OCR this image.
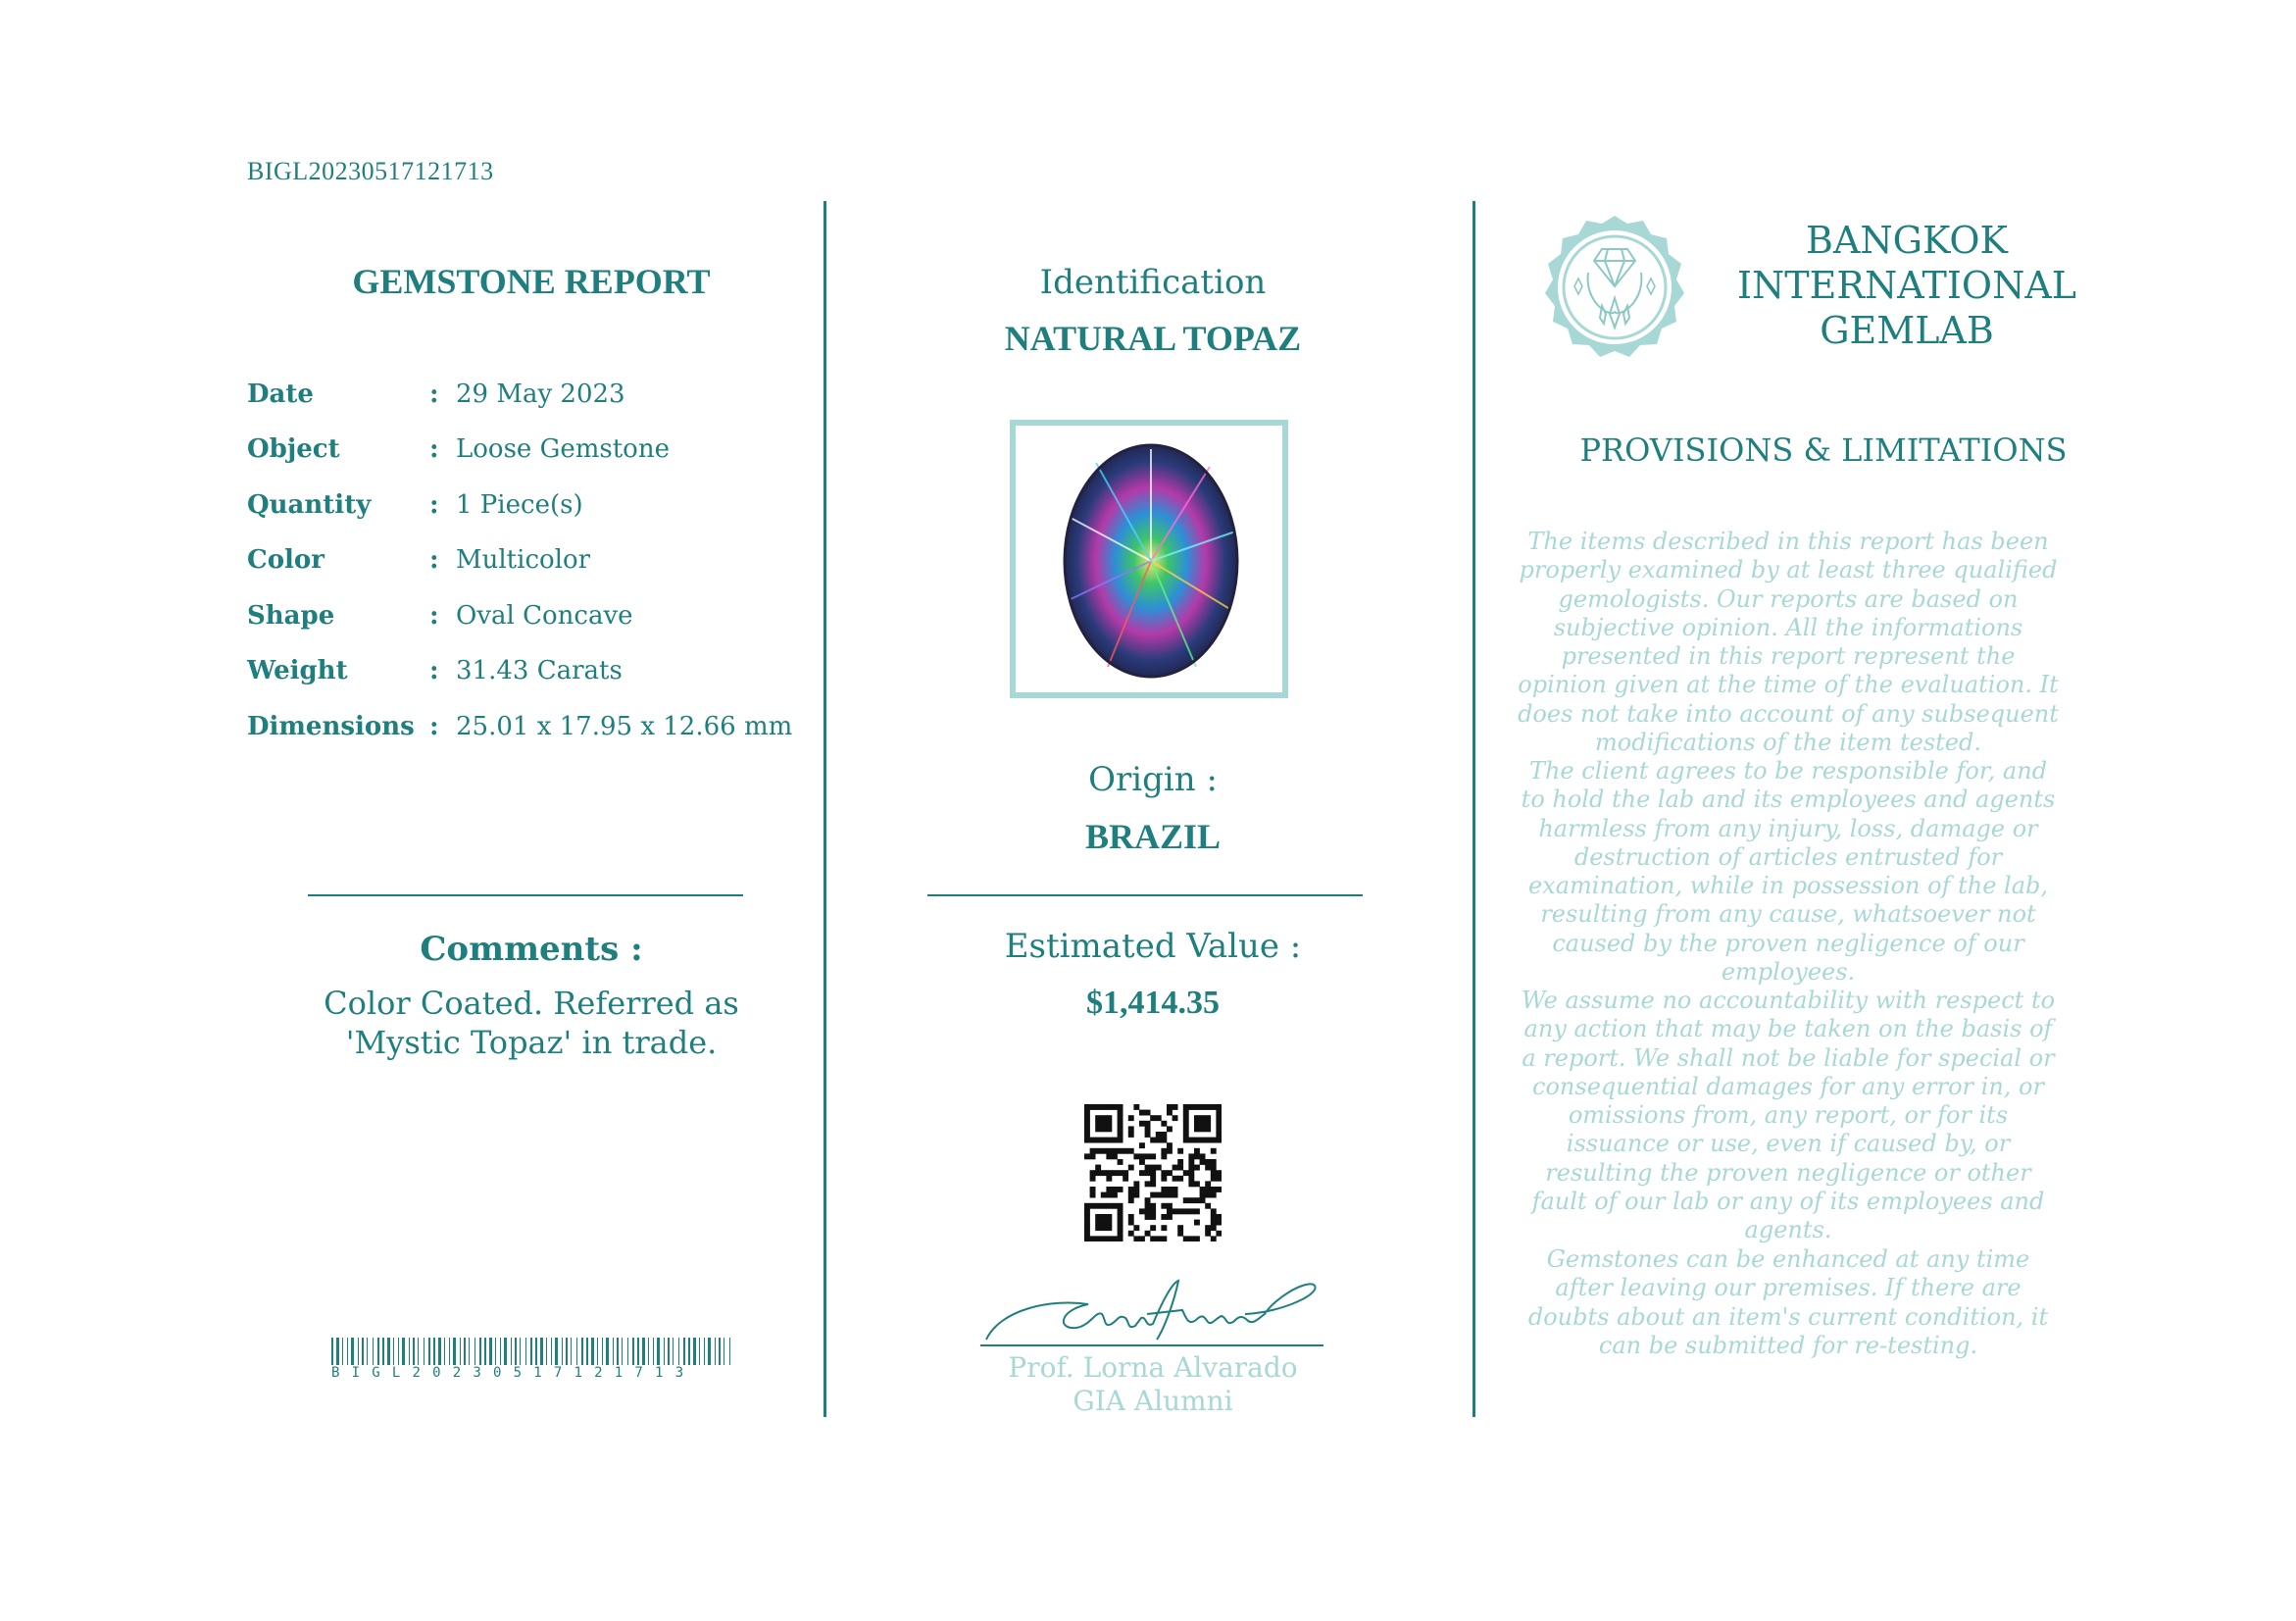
BIGL20230517121713
GEMSTONE REPORT
Date	: 29 May 2023
Object	: Loose Gemstone
Quantity : 1 Piece(s)
Color	: Multicolor
Shape	: Oval Concave
Weight	: 31.43 Carats
Dimensions : 25.01 x 17.95 x 12.66 mm
Comments :
Color Coated. Referred as 'Mystic Topaz' in trade.
BIGL20230517121713
Identification
NATURAL TOPAZ
Origin :
BRAZIL
Estimated Value :
$1,414.35
Prof. Lorna Alvarado
GIA Alumni
BANGKOK
INTERNATIONAL
GEMLAB
PROVISIONS & LIMITATIONS
The items described in this report has been properly examined by at least three qualified gemologists. Our reports are based on subjective opinion. All the informations presented in this report represent the opinion given at the time of the evaluation. It does not take into account of any subsequent modifications of the item tested.
The client agrees to be responsible for, and to hold the lab and its employees and agents harmless from any injury, loss, damage or destruction of articles entrusted for examination, while in possession of the lab, resulting from any cause, whatsoever not caused by the proven negligence of our employees.
We assume no accountability with respect to any action that may be taken on the basis of a report. We shall not be liable for special or consequential damages for any error in, or omissions from, any report, or for its issuance or use, even if caused by, or resulting the proven negligence or other fault of our lab or any of its employees and agents.
Gemstones can be enhanced at any time after leaving our premises. If there are doubts about an item's current condition, it can be submitted for re-testing.
